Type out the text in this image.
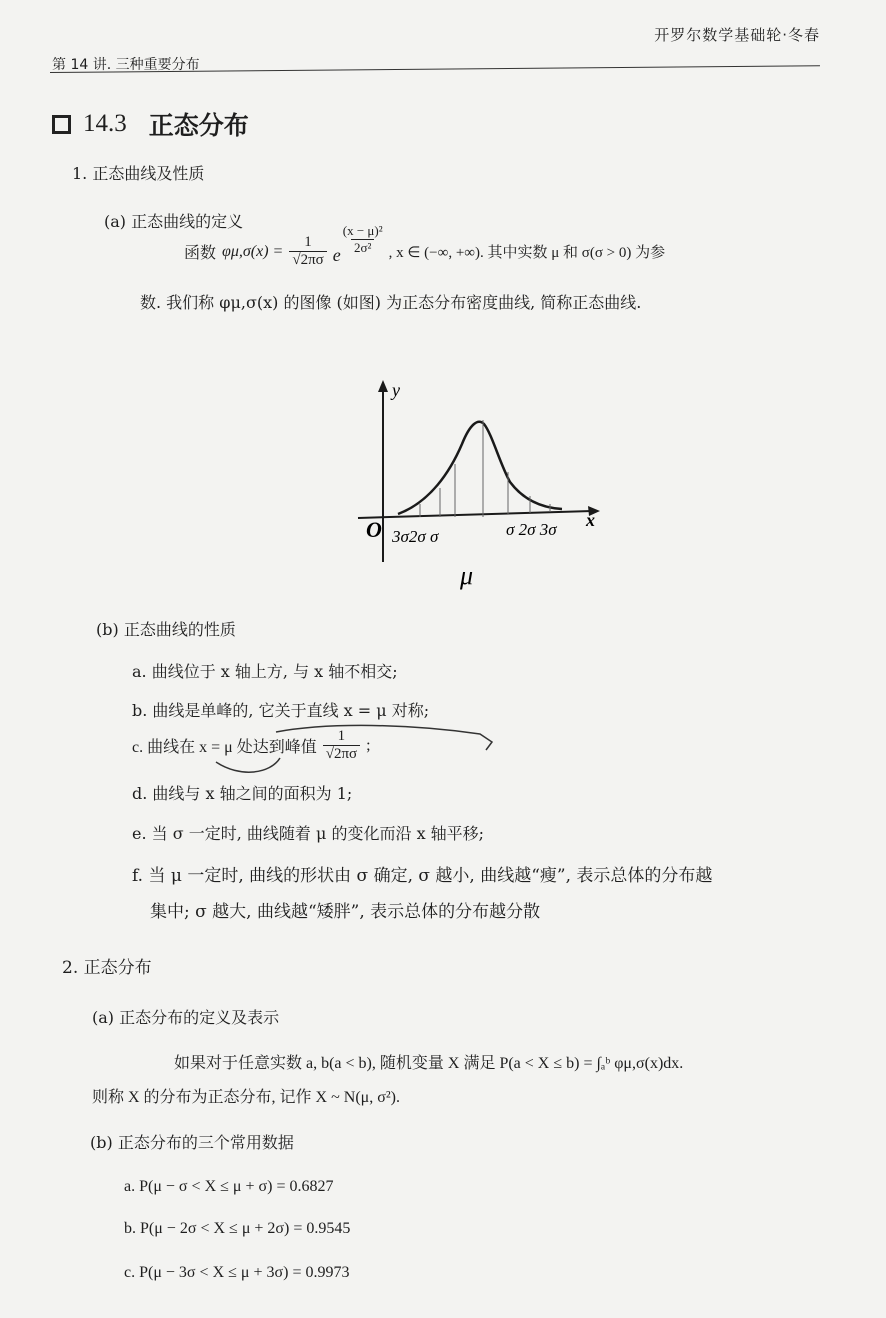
开罗尔数学基础轮·冬春
第 14 讲. 三种重要分布
14.3 正态分布
1. 正态曲线及性质
(a) 正态曲线的定义
函数 $\varphi\mu,\sigma(x) = \frac{1}{√2\pi\sigma}$ e $\frac{\text{(x − μ)²}}{\text{2σ²}}$ , x ∈ (−∞, +∞). 其中实数 μ 和 σ(σ > 0) 为参
数. 我们称 φμ,σ(x) 的图像 (如图) 为正态分布密度曲线, 简称正态曲线.
y
x
O 3σ2σ σ	σ 2σ 3σ
μ
(b) 正态曲线的性质
a. 曲线位于 x 轴上方, 与 x 轴不相交;
b. 曲线是单峰的, 它关于直线 x = μ 对称;
c. 曲线在 x = μ 处达到峰值 $\frac{1}{√2\pi\sigma}$ ;
d. 曲线与 x 轴之间的面积为 1;
e. 当 σ 一定时, 曲线随着 μ 的变化而沿 x 轴平移;
f. 当 μ 一定时, 曲线的形状由 σ 确定, σ 越小, 曲线越“瘦”, 表示总体的分布越
集中; σ 越大, 曲线越“矮胖”, 表示总体的分布越分散
2. 正态分布
(a) 正态分布的定义及表示
如果对于任意实数 a, b(a < b), 随机变量 X 满足 P(a < X ≤ b) = ∫ₐᵇ φμ,σ(x)dx.
则称 X 的分布为正态分布, 记作 X ~ N(μ, σ²).
(b) 正态分布的三个常用数据
a. P(μ − σ < X ≤ μ + σ) = 0.6827
b. P(μ − 2σ < X ≤ μ + 2σ) = 0.9545
c. P(μ − 3σ < X ≤ μ + 3σ) = 0.9973
